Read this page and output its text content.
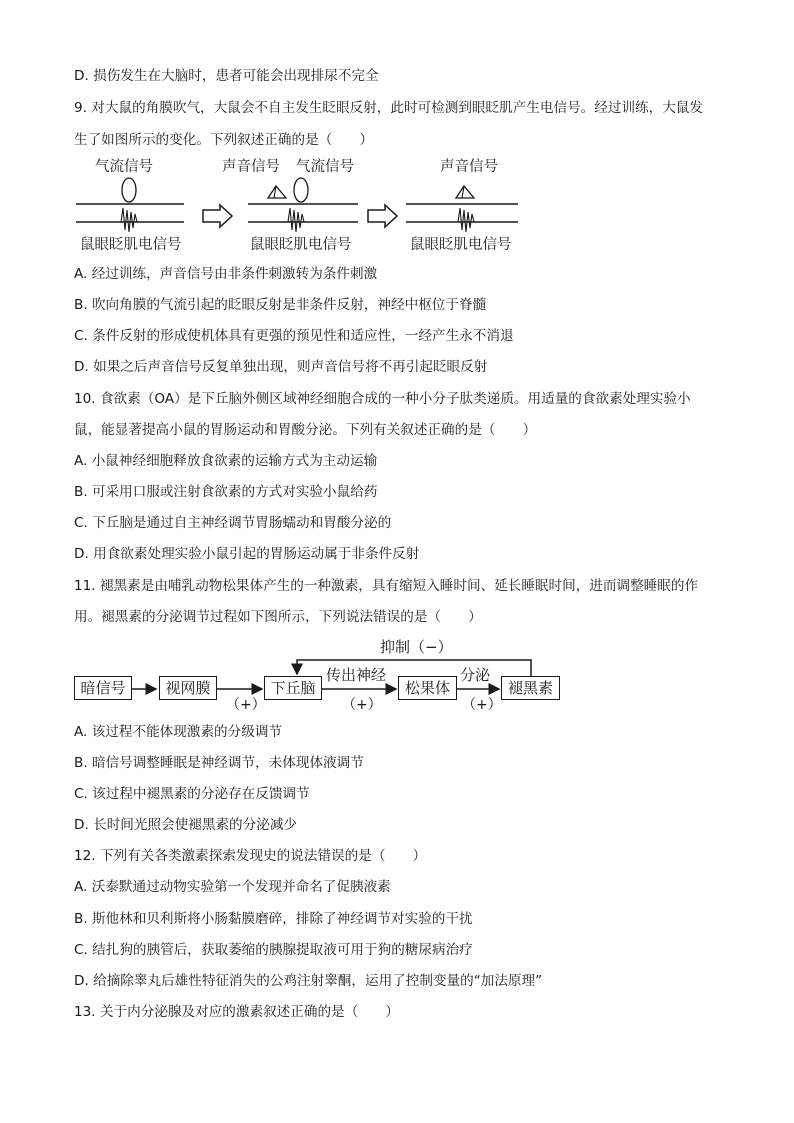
D. 损伤发生在大脑时，患者可能会出现排尿不完全
9. 对大鼠的角膜吹气，大鼠会不自主发生眨眼反射，此时可检测到眼眨肌产生电信号。经过训练，大鼠发
生了如图所示的变化。下列叙述正确的是（　　）
气流信号
鼠眼眨肌电信号
声音信号 气流信号
鼠眼眨肌电信号
声音信号
鼠眼眨肌电信号
A. 经过训练，声音信号由非条件刺激转为条件刺激
B. 吹向角膜的气流引起的眨眼反射是非条件反射，神经中枢位于脊髓
C. 条件反射的形成使机体具有更强的预见性和适应性，一经产生永不消退
D. 如果之后声音信号反复单独出现，则声音信号将不再引起眨眼反射
10. 食欲素（OA）是下丘脑外侧区域神经细胞合成的一种小分子肽类递质。用适量的食欲素处理实验小
鼠，能显著提高小鼠的胃肠运动和胃酸分泌。下列有关叙述正确的是（　　）
A. 小鼠神经细胞释放食欲素的运输方式为主动运输
B. 可采用口服或注射食欲素的方式对实验小鼠给药
C. 下丘脑是通过自主神经调节胃肠蠕动和胃酸分泌的
D. 用食欲素处理实验小鼠引起的胃肠运动属于非条件反射
11. 褪黑素是由哺乳动物松果体产生的一种激素，具有缩短入睡时间、延长睡眠时间，进而调整睡眠的作
用。褪黑素的分泌调节过程如下图所示，下列说法错误的是（　　）
暗信号	视网膜	下丘脑	松果体	褪黑素
抑制（−）
传出神经	分泌
（+）	（+）	（+）
A. 该过程不能体现激素的分级调节
B. 暗信号调整睡眠是神经调节，未体现体液调节
C. 该过程中褪黑素的分泌存在反馈调节
D. 长时间光照会使褪黑素的分泌减少
12. 下列有关各类激素探索发现史的说法错误的是（　　）
A. 沃泰默通过动物实验第一个发现并命名了促胰液素
B. 斯他林和贝利斯将小肠黏膜磨碎，排除了神经调节对实验的干扰
C. 结扎狗的胰管后，获取萎缩的胰腺提取液可用于狗的糖尿病治疗
D. 给摘除睾丸后雄性特征消失的公鸡注射睾酮，运用了控制变量的“加法原理”
13. 关于内分泌腺及对应的激素叙述正确的是（　　）
